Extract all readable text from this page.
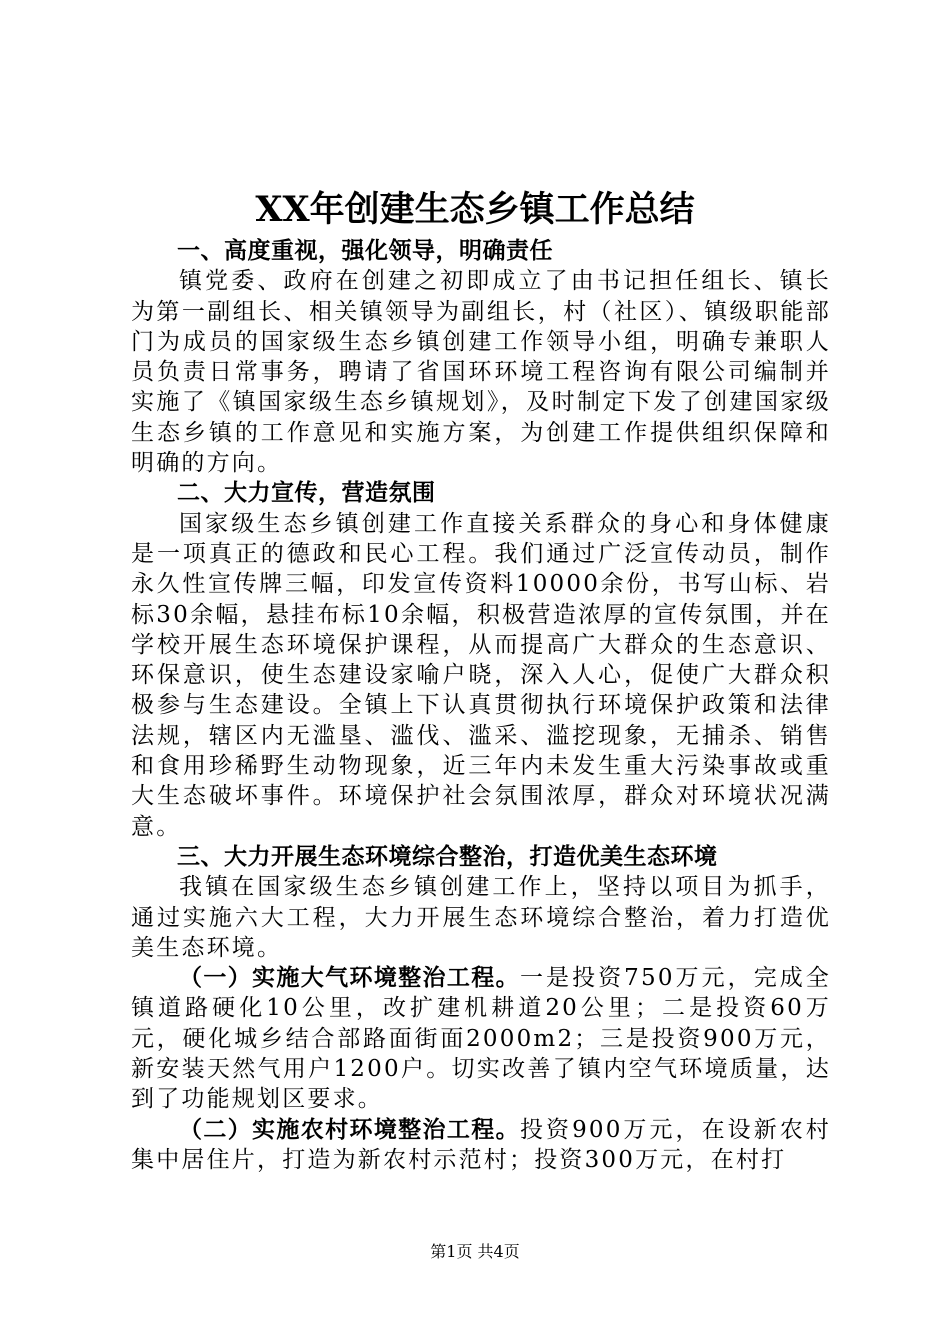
XX年创建生态乡镇工作总结

一、高度重视，强化领导，明确责任

镇党委、政府在创建之初即成立了由书记担任组长、镇长为第一副组长、相关镇领导为副组长，村（社区）、镇级职能部门为成员的国家级生态乡镇创建工作领导小组，明确专兼职人员负责日常事务，聘请了省国环环境工程咨询有限公司编制并实施了《镇国家级生态乡镇规划》，及时制定下发了创建国家级生态乡镇的工作意见和实施方案，为创建工作提供组织保障和明确的方向。

二、大力宣传，营造氛围

国家级生态乡镇创建工作直接关系群众的身心和身体健康是一项真正的德政和民心工程。我们通过广泛宣传动员，制作永久性宣传牌三幅，印发宣传资料10000余份，书写山标、岩标30余幅，悬挂布标10余幅，积极营造浓厚的宣传氛围，并在学校开展生态环境保护课程，从而提高广大群众的生态意识、环保意识，使生态建设家喻户晓，深入人心，促使广大群众积极参与生态建设。全镇上下认真贯彻执行环境保护政策和法律法规，辖区内无滥垦、滥伐、滥采、滥挖现象，无捕杀、销售和食用珍稀野生动物现象，近三年内未发生重大污染事故或重大生态破坏事件。环境保护社会氛围浓厚，群众对环境状况满意。

三、大力开展生态环境综合整治，打造优美生态环境

我镇在国家级生态乡镇创建工作上，坚持以项目为抓手，通过实施六大工程，大力开展生态环境综合整治，着力打造优美生态环境。

（一）实施大气环境整治工程。一是投资750万元，完成全镇道路硬化10公里，改扩建机耕道20公里；二是投资60万元，硬化城乡结合部路面街面2000m2；三是投资900万元，新安装天然气用户1200户。切实改善了镇内空气环境质量，达到了功能规划区要求。

（二）实施农村环境整治工程。投资900万元，在设新农村集中居住片，打造为新农村示范村；投资300万元，在村打

第1页 共4页
